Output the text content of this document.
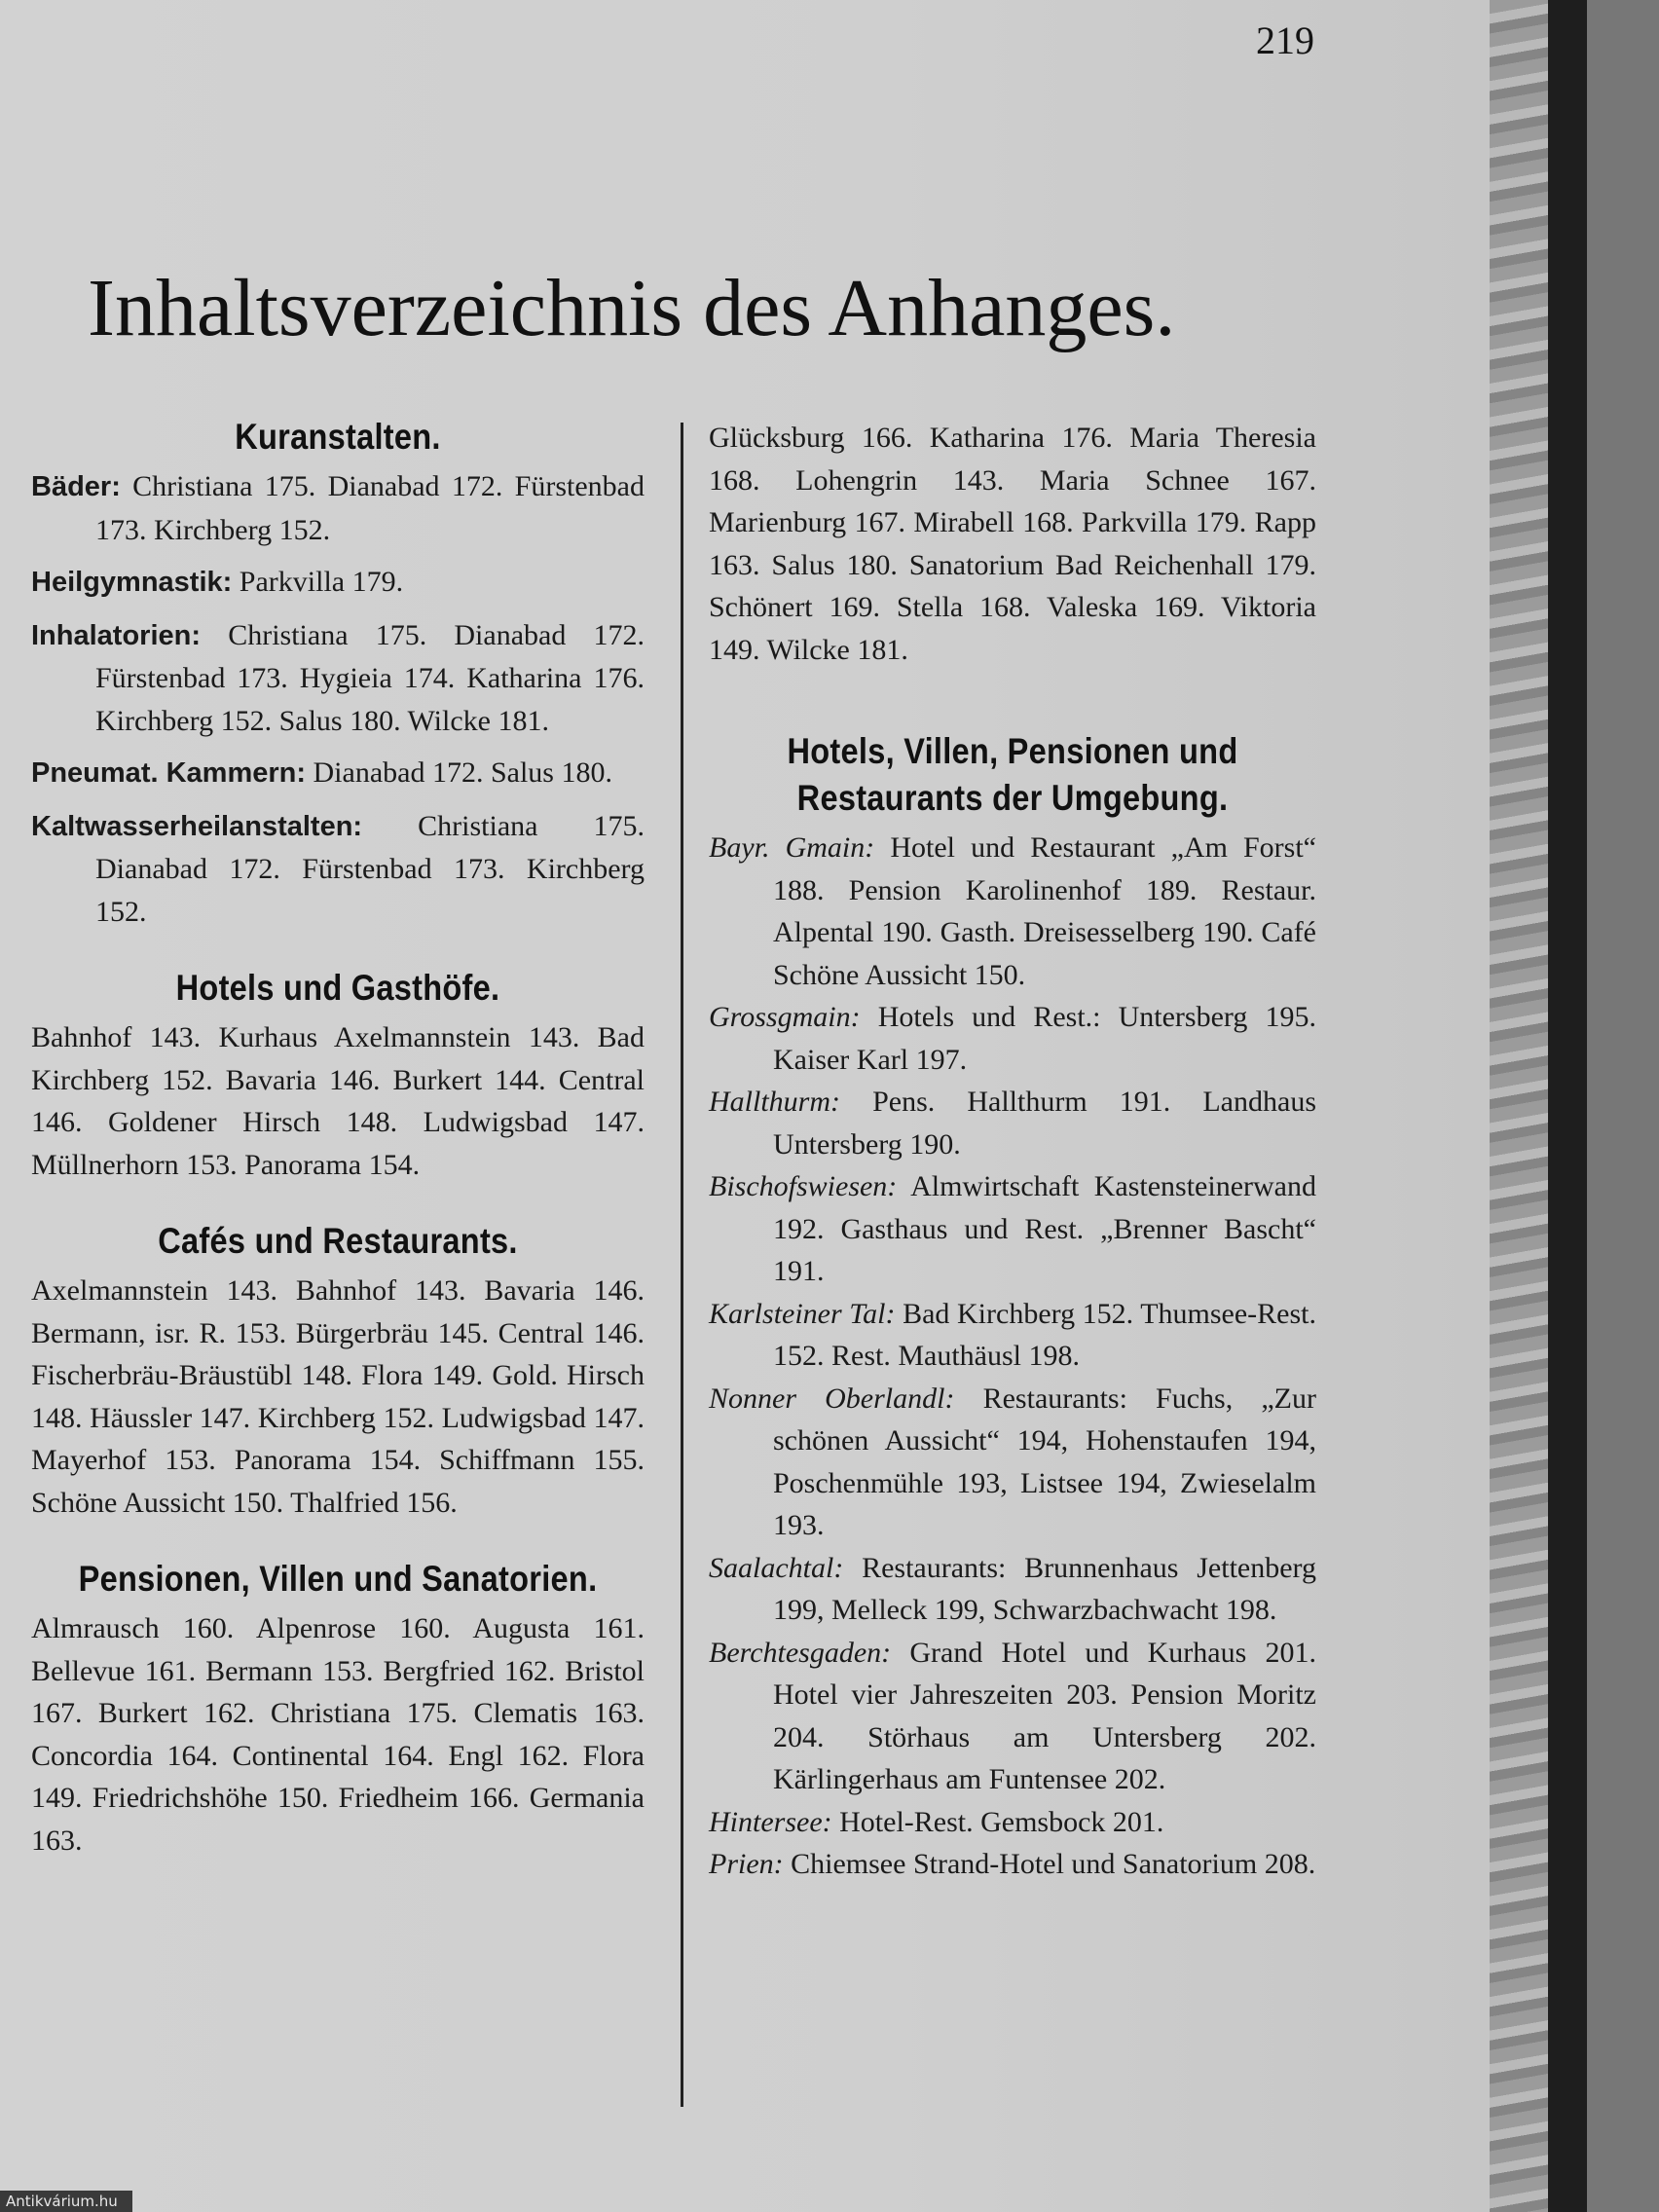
219
Inhaltsverzeichnis des Anhanges.
Kuranstalten.

Bäder: Christiana 175. Dianabad 172. Fürstenbad 173. Kirchberg 152.

Heilgymnastik: Parkvilla 179.

Inhalatorien: Christiana 175. Dianabad 172. Fürstenbad 173. Hygieia 174. Katharina 176. Kirchberg 152. Salus 180. Wilcke 181.

Pneumat. Kammern: Dianabad 172. Salus 180.

Kaltwasserheilanstalten: Christiana 175. Dianabad 172. Fürstenbad 173. Kirchberg 152.

Hotels und Gasthöfe.

Bahnhof 143. Kurhaus Axelmannstein 143. Bad Kirchberg 152. Bavaria 146. Burkert 144. Central 146. Goldener Hirsch 148. Ludwigsbad 147. Müllnerhorn 153. Panorama 154.

Cafés und Restaurants.

Axelmannstein 143. Bahnhof 143. Bavaria 146. Bermann, isr. R. 153. Bürgerbräu 145. Central 146. Fischerbräu-Bräustübl 148. Flora 149. Gold. Hirsch 148. Häussler 147. Kirchberg 152. Ludwigsbad 147. Mayerhof 153. Panorama 154. Schiffmann 155. Schöne Aussicht 150. Thalfried 156.

Pensionen, Villen und Sanatorien.

Almrausch 160. Alpenrose 160. Augusta 161. Bellevue 161. Bermann 153. Bergfried 162. Bristol 167. Burkert 162. Christiana 175. Clematis 163. Concordia 164. Continental 164. Engl 162. Flora 149. Friedrichshöhe 150. Friedheim 166. Germania 163.

Glücksburg 166. Katharina 176. Maria Theresia 168. Lohengrin 143. Maria Schnee 167. Marienburg 167. Mirabell 168. Parkvilla 179. Rapp 163. Salus 180. Sanatorium Bad Reichenhall 179. Schönert 169. Stella 168. Valeska 169. Viktoria 149. Wilcke 181.

Hotels, Villen, Pensionen und
Restaurants der Umgebung.

Bayr. Gmain: Hotel und Restaurant „Am Forst“ 188. Pension Karolinenhof 189. Restaur. Alpental 190. Gasth. Dreisesselberg 190. Café Schöne Aussicht 150.

Grossgmain: Hotels und Rest.: Untersberg 195. Kaiser Karl 197.

Hallthurm: Pens. Hallthurm 191. Landhaus Untersberg 190.

Bischofswiesen: Almwirtschaft Kastensteinerwand 192. Gasthaus und Rest. „Brenner Bascht“ 191.

Karlsteiner Tal: Bad Kirchberg 152. Thumsee-Rest. 152. Rest. Mauthäusl 198.

Nonner Oberlandl: Restaurants: Fuchs, „Zur schönen Aussicht“ 194, Hohenstaufen 194, Poschenmühle 193, Listsee 194, Zwieselalm 193.

Saalachtal: Restaurants: Brunnenhaus Jettenberg 199, Melleck 199, Schwarzbachwacht 198.

Berchtesgaden: Grand Hotel und Kurhaus 201. Hotel vier Jahreszeiten 203. Pension Moritz 204. Störhaus am Untersberg 202. Kärlingerhaus am Funtensee 202.

Hintersee: Hotel-Rest. Gemsbock 201.

Prien: Chiemsee Strand-Hotel und Sanatorium 208.

Antikvárium.hu
